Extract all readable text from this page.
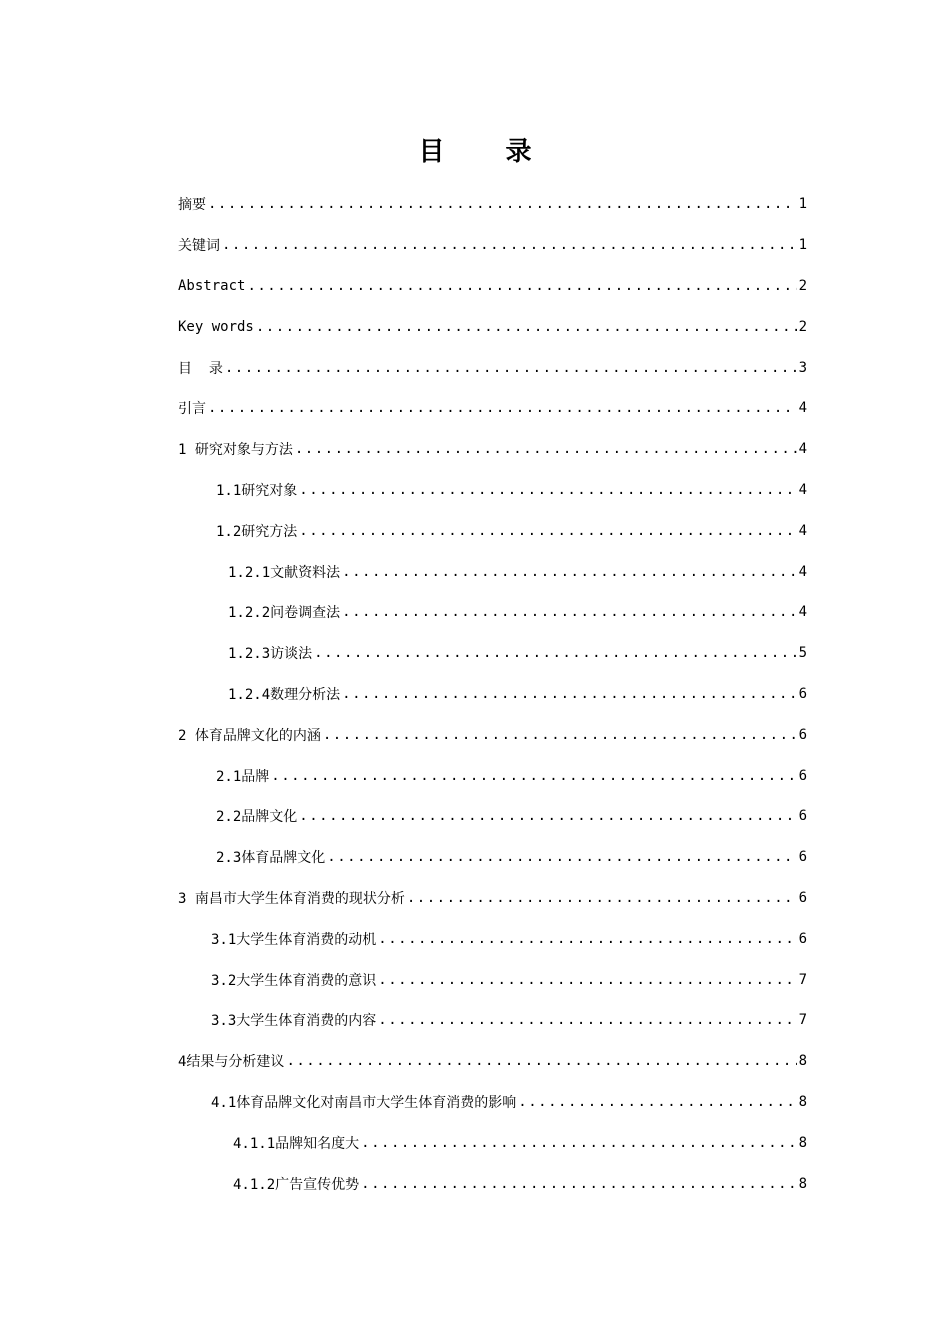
目 录
摘要 .....	1
关键词 .....	1
Abstract .....	2
Key words .....	2
目  录 .....	3
引言 .....	4
1 研究对象与方法 .....	4
1.1研究对象 .....	4
1.2研究方法 .....	4
1.2.1文献资料法 .....	4
1.2.2问卷调查法 .....	4
1.2.3访谈法 .....	5
1.2.4数理分析法 .....	6
2 体育品牌文化的内涵 .....	6
2.1品牌 .....	6
2.2品牌文化 .....	6
2.3体育品牌文化 .....	6
3 南昌市大学生体育消费的现状分析 .....	6
3.1大学生体育消费的动机 .....	6
3.2大学生体育消费的意识 .....	7
3.3大学生体育消费的内容 .....	7
4结果与分析建议 .....	8
4.1体育品牌文化对南昌市大学生体育消费的影响 .....	8
4.1.1品牌知名度大 .....	8
4.1.2广告宣传优势 .....	8
